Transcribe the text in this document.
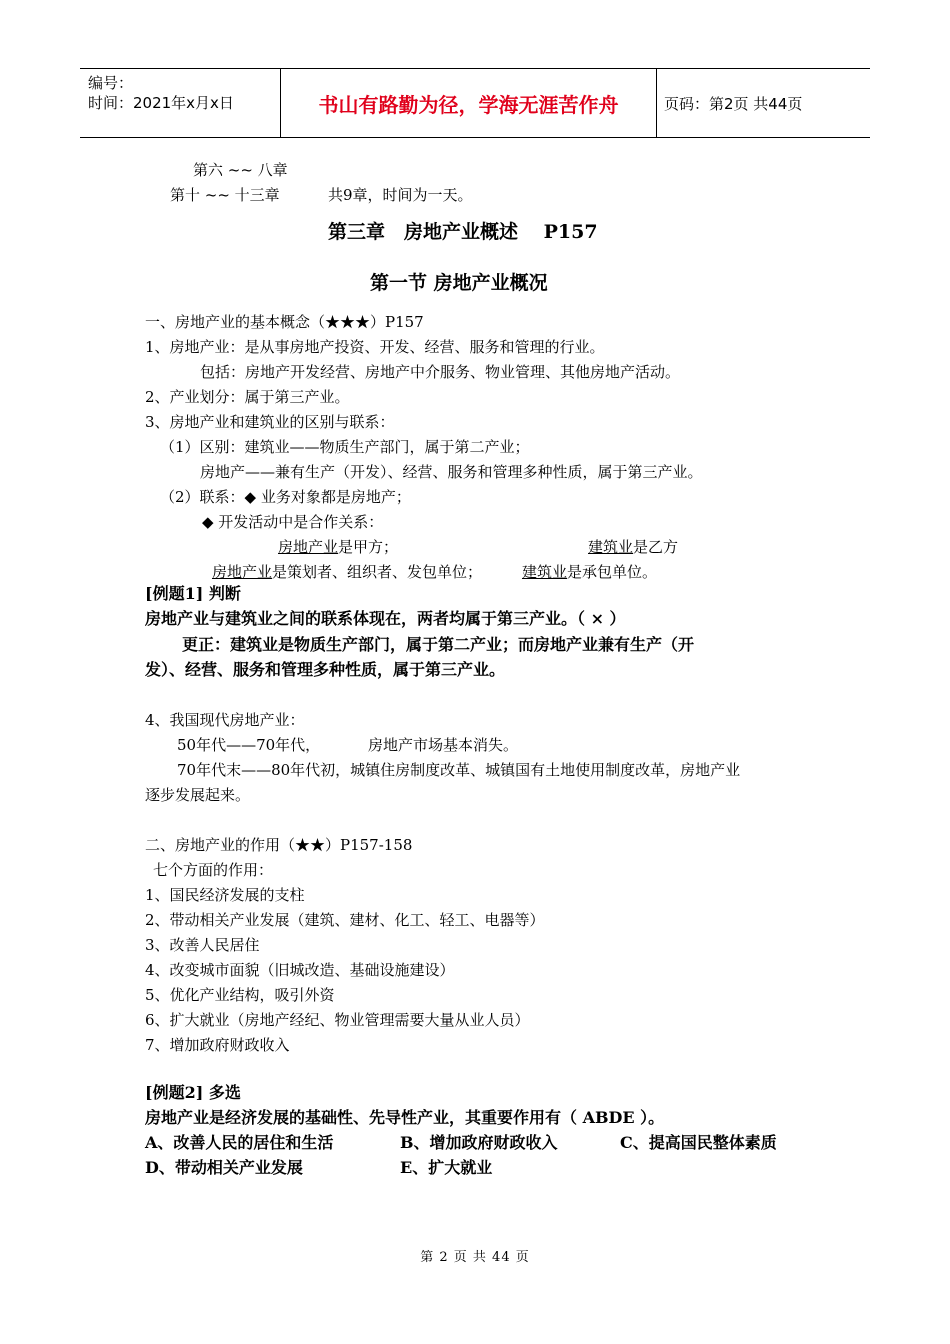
编号：
时间：2021年x月x日	书山有路勤为径，学海无涯苦作舟	页码：第2页 共44页
第六 ~~ 八章
第十 ~~ 十三章	共9章，时间为一天。
第三章　房地产业概述　 P157
第一节 房地产业概况
一、房地产业的基本概念（★★★）P157
1、房地产业：是从事房地产投资、开发、经营、服务和管理的行业。
包括：房地产开发经营、房地产中介服务、物业管理、其他房地产活动。
2、产业划分：属于第三产业。
3、房地产业和建筑业的区别与联系：
（1）区别：建筑业——物质生产部门，属于第二产业；
房地产——兼有生产（开发）、经营、服务和管理多种性质，属于第三产业。
（2）联系：◆ 业务对象都是房地产；
◆ 开发活动中是合作关系：
房地产业是甲方；	建筑业是乙方
房地产业是策划者、组织者、发包单位；	建筑业是承包单位。
[例题1] 判断
房地产业与建筑业之间的联系体现在，两者均属于第三产业。（ × ）
更正：建筑业是物质生产部门，属于第二产业；而房地产业兼有生产（开
发）、经营、服务和管理多种性质，属于第三产业。
4、我国现代房地产业：
50年代——70年代，	房地产市场基本消失。
70年代末——80年代初，城镇住房制度改革、城镇国有土地使用制度改革，房地产业
逐步发展起来。
二、房地产业的作用（★★）P157-158
七个方面的作用：
1、国民经济发展的支柱
2、带动相关产业发展（建筑、建材、化工、轻工、电器等）
3、改善人民居住
4、改变城市面貌（旧城改造、基础设施建设）
5、优化产业结构，吸引外资
6、扩大就业（房地产经纪、物业管理需要大量从业人员）
7、增加政府财政收入
[例题2] 多选
房地产业是经济发展的基础性、先导性产业，其重要作用有（ ABDE ）。
A、改善人民的居住和生活	B、增加政府财政收入	C、提高国民整体素质
D、带动相关产业发展	E、扩大就业
第 2 页 共 44 页
